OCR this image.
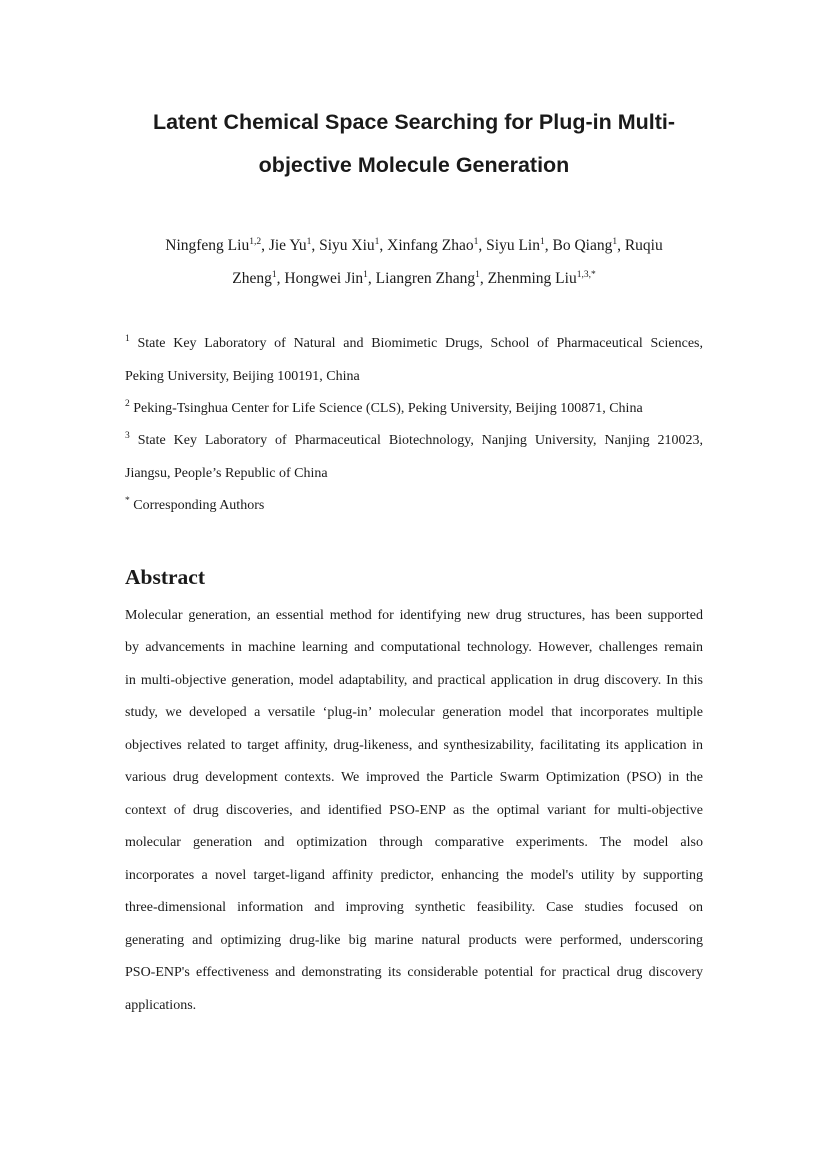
Latent Chemical Space Searching for Plug-in Multi-
objective Molecule Generation
Ningfeng Liu$^{1,2}$, Jie Yu$^1$, Siyu Xiu$^1$, Xinfang Zhao$^1$, Siyu Lin$^1$, Bo Qiang$^1$, Ruqiu
Zheng$^1$, Hongwei Jin$^1$, Liangren Zhang$^1$, Zhenming Liu$^{1,3,*}$
$^1$ State Key Laboratory of Natural and Biomimetic Drugs, School of Pharmaceutical Sciences,
Peking University, Beijing 100191, China
$^2$ Peking-Tsinghua Center for Life Science (CLS), Peking University, Beijing 100871, China
$^3$ State Key Laboratory of Pharmaceutical Biotechnology, Nanjing University, Nanjing 210023,
Jiangsu, People’s Republic of China
* Corresponding Authors
Abstract
Molecular generation, an essential method for identifying new drug structures, has been supported
by advancements in machine learning and computational technology. However, challenges remain
in multi-objective generation, model adaptability, and practical application in drug discovery. In this
study, we developed a versatile ‘plug-in’ molecular generation model that incorporates multiple
objectives related to target affinity, drug-likeness, and synthesizability, facilitating its application in
various drug development contexts. We improved the Particle Swarm Optimization (PSO) in the
context of drug discoveries, and identified PSO-ENP as the optimal variant for multi-objective
molecular generation and optimization through comparative experiments. The model also
incorporates a novel target-ligand affinity predictor, enhancing the model's utility by supporting
three-dimensional information and improving synthetic feasibility. Case studies focused on
generating and optimizing drug-like big marine natural products were performed, underscoring
PSO-ENP's effectiveness and demonstrating its considerable potential for practical drug discovery
applications.
